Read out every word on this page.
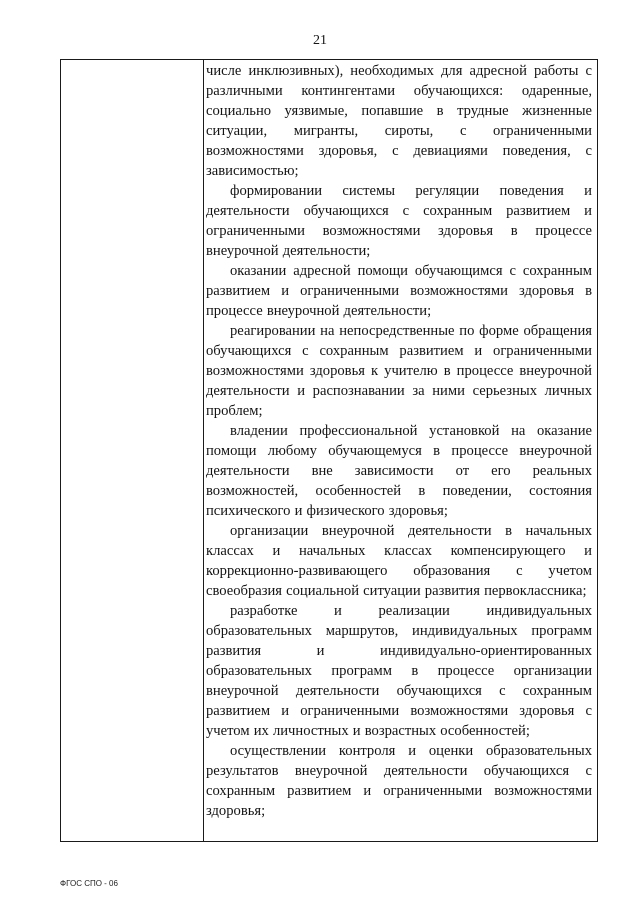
21

числе инклюзивных), необходимых для адресной работы с различными контингентами обучающихся: одаренные, социально уязвимые, попавшие в трудные жизненные ситуации, мигранты, сироты, с ограниченными возможностями здоровья, с девиациями поведения, с зависимостью;

формировании системы регуляции поведения и деятельности обучающихся с сохранным развитием и ограниченными возможностями здоровья в процессе внеурочной деятельности;

оказании адресной помощи обучающимся с сохранным развитием и ограниченными возможностями здоровья в процессе внеурочной деятельности;

реагировании на непосредственные по форме обращения обучающихся с сохранным развитием и ограниченными возможностями здоровья к учителю в процессе внеурочной деятельности и распознавании за ними серьезных личных проблем;

владении профессиональной установкой на оказание помощи любому обучающемуся в процессе внеурочной деятельности вне зависимости от его реальных возможностей, особенностей в поведении, состояния психического и физического здоровья;

организации внеурочной деятельности в начальных классах и начальных классах компенсирующего и коррекционно-развивающего образования с учетом своеобразия социальной ситуации развития первоклассника;

разработке и реализации индивидуальных образовательных маршрутов, индивидуальных программ развития и индивидуально-ориентированных образовательных программ в процессе организации внеурочной деятельности обучающихся с сохранным развитием и ограниченными возможностями здоровья с учетом их личностных и возрастных особенностей;

осуществлении контроля и оценки образовательных результатов внеурочной деятельности обучающихся с сохранным развитием и ограниченными возможностями здоровья;

ФГОС СПО - 06
